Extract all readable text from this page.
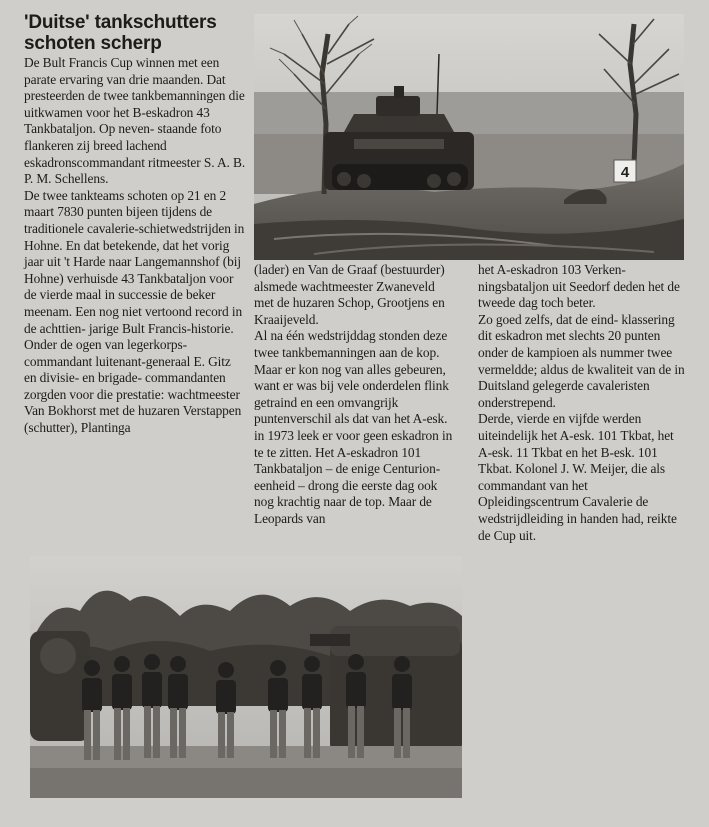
'Duitse' tankschutters schoten scherp

De Bult Francis Cup winnen met een parate ervaring van drie maanden. Dat presteerden de twee tankbemanningen die uitkwamen voor het B-eskadron 43 Tankbataljon. Op neven- staande foto flankeren zij breed lachend eskadronscommandant ritmeester S. A. B. P. M. Schellens.

De twee tankteams schoten op 21 en 2 maart 7830 punten bijeen tijdens de traditionele cavalerie-schietwedstrijden in Hohne. En dat betekende, dat het vorig jaar uit 't Harde naar Langemannshof (bij Hohne) verhuisde 43 Tankbataljon voor de vierde maal in successie de beker meenam. Een nog niet vertoond record in de achttien- jarige Bult Francis-historie.

Onder de ogen van legerkorps- commandant luitenant-generaal E. Gitz en divisie- en brigade- commandanten zorgden voor die prestatie: wachtmeester Van Bokhorst met de huzaren Verstappen (schutter), Plantinga

(lader) en Van de Graaf (bestuurder) alsmede wachtmeester Zwaneveld met de huzaren Schop, Grootjens en Kraaijeveld.

Al na één wedstrijddag stonden deze twee tankbemanningen aan de kop. Maar er kon nog van alles gebeuren, want er was bij vele onderdelen flink getraind en een omvangrijk puntenverschil als dat van het A-esk. in 1973 leek er voor geen eskadron in te te zitten. Het A-eskadron 101 Tankbataljon – de enige Centurion-eenheid – drong die eerste dag ook nog krachtig naar de top. Maar de Leopards van

het A-eskadron 103 Verken- ningsbataljon uit Seedorf deden het de tweede dag toch beter.

Zo goed zelfs, dat de eind- klassering dit eskadron met slechts 20 punten onder de kampioen als nummer twee vermeldde; aldus de kwaliteit van de in Duitsland gelegerde cavaleristen onderstrepend.

Derde, vierde en vijfde werden uiteindelijk het A-esk. 101 Tkbat, het A-esk. 11 Tkbat en het B-esk. 101 Tkbat. Kolonel J. W. Meijer, die als commandant van het Opleidingscentrum Cavalerie de wedstrijdleiding in handen had, reikte de Cup uit.

4
